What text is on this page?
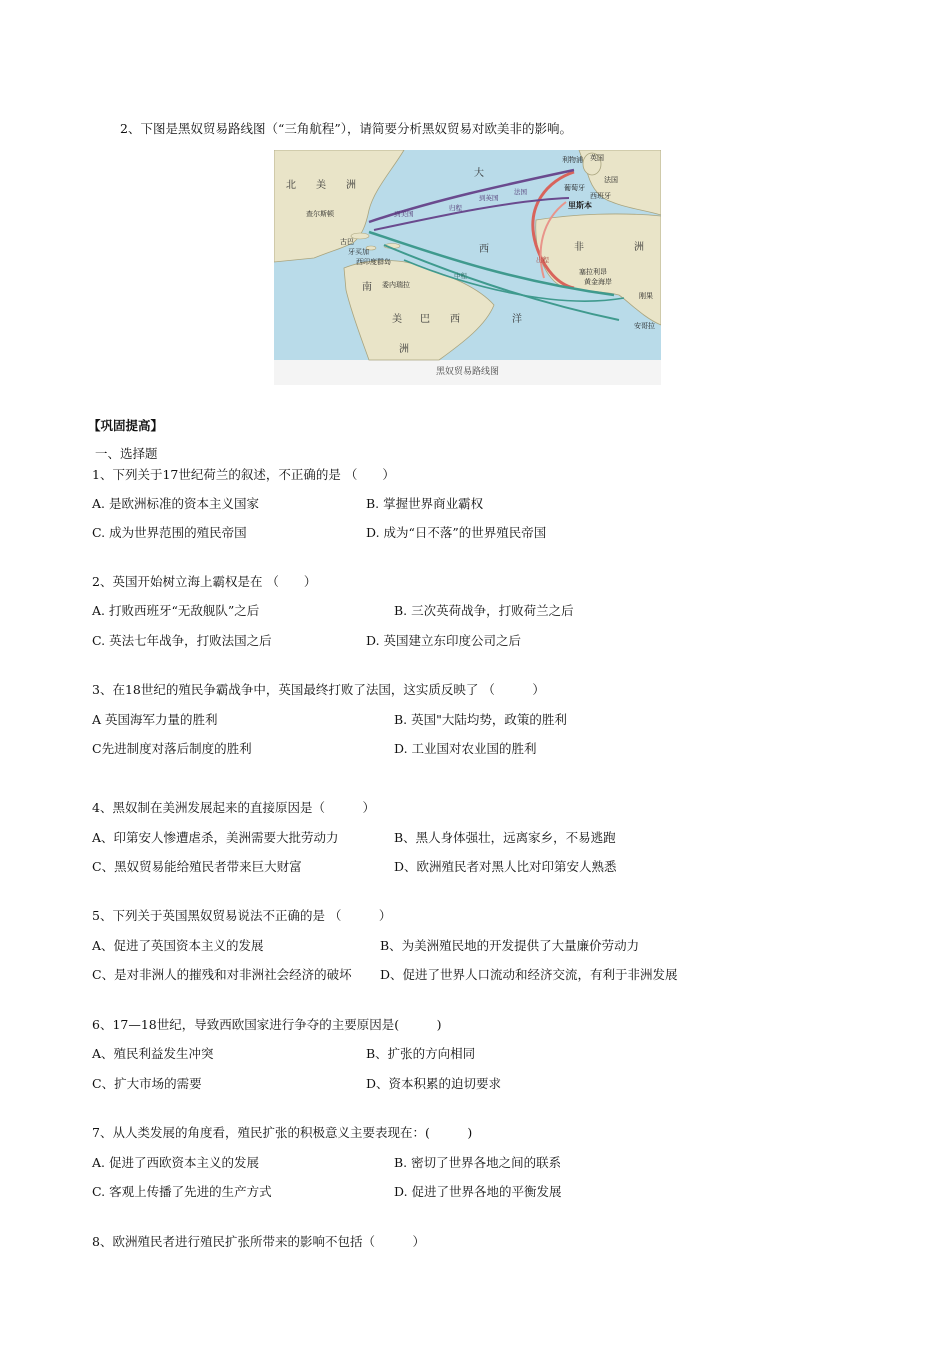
2、下图是黑奴贸易路线图（“三角航程”），请简要分析黑奴贸易对欧美非的影响。
北 美 洲
南
美 巴 西
洲
非	洲
大
西
洋
利物浦 英国
法国
葡萄牙
西班牙
里斯本
查尔斯顿
古巴
牙买加
西印度群岛
委内瑞拉
塞拉利昂
黄金海岸
刚果
安哥拉
归程
到英国
法国
中程
出程
到美国
黑奴贸易路线图
【巩固提高】
一、选择题
1、下列关于17世纪荷兰的叙述，不正确的是 （　　）
A. 是欧洲标准的资本主义国家	B. 掌握世界商业霸权
C. 成为世界范围的殖民帝国	D. 成为“日不落”的世界殖民帝国
2、英国开始树立海上霸权是在 （　　）
A. 打败西班牙“无敌舰队”之后	B. 三次英荷战争，打败荷兰之后
C. 英法七年战争，打败法国之后	D. 英国建立东印度公司之后
3、在18世纪的殖民争霸战争中，英国最终打败了法国，这实质反映了 （　　　）
A 英国海军力量的胜利	B. 英国"大陆均势，政策的胜利
C先进制度对落后制度的胜利	D. 工业国对农业国的胜利
4、黑奴制在美洲发展起来的直接原因是（　　　）
A、印第安人惨遭虐杀，美洲需要大批劳动力	B、黑人身体强壮，远离家乡，不易逃跑
C、黑奴贸易能给殖民者带来巨大财富	D、欧洲殖民者对黑人比对印第安人熟悉
5、下列关于英国黑奴贸易说法不正确的是 （　　　）
A、促进了英国资本主义的发展	B、为美洲殖民地的开发提供了大量廉价劳动力
C、是对非洲人的摧残和对非洲社会经济的破坏 D、促进了世界人口流动和经济交流，有利于非洲发展
6、17—18世纪，导致西欧国家进行争夺的主要原因是(　　　)
A、殖民利益发生冲突	B、扩张的方向相同
C、扩大市场的需要	D、资本积累的迫切要求
7、从人类发展的角度看，殖民扩张的积极意义主要表现在：(　　　)
A. 促进了西欧资本主义的发展	B. 密切了世界各地之间的联系
C. 客观上传播了先进的生产方式	D. 促进了世界各地的平衡发展
8、欧洲殖民者进行殖民扩张所带来的影响不包括（　　　）
